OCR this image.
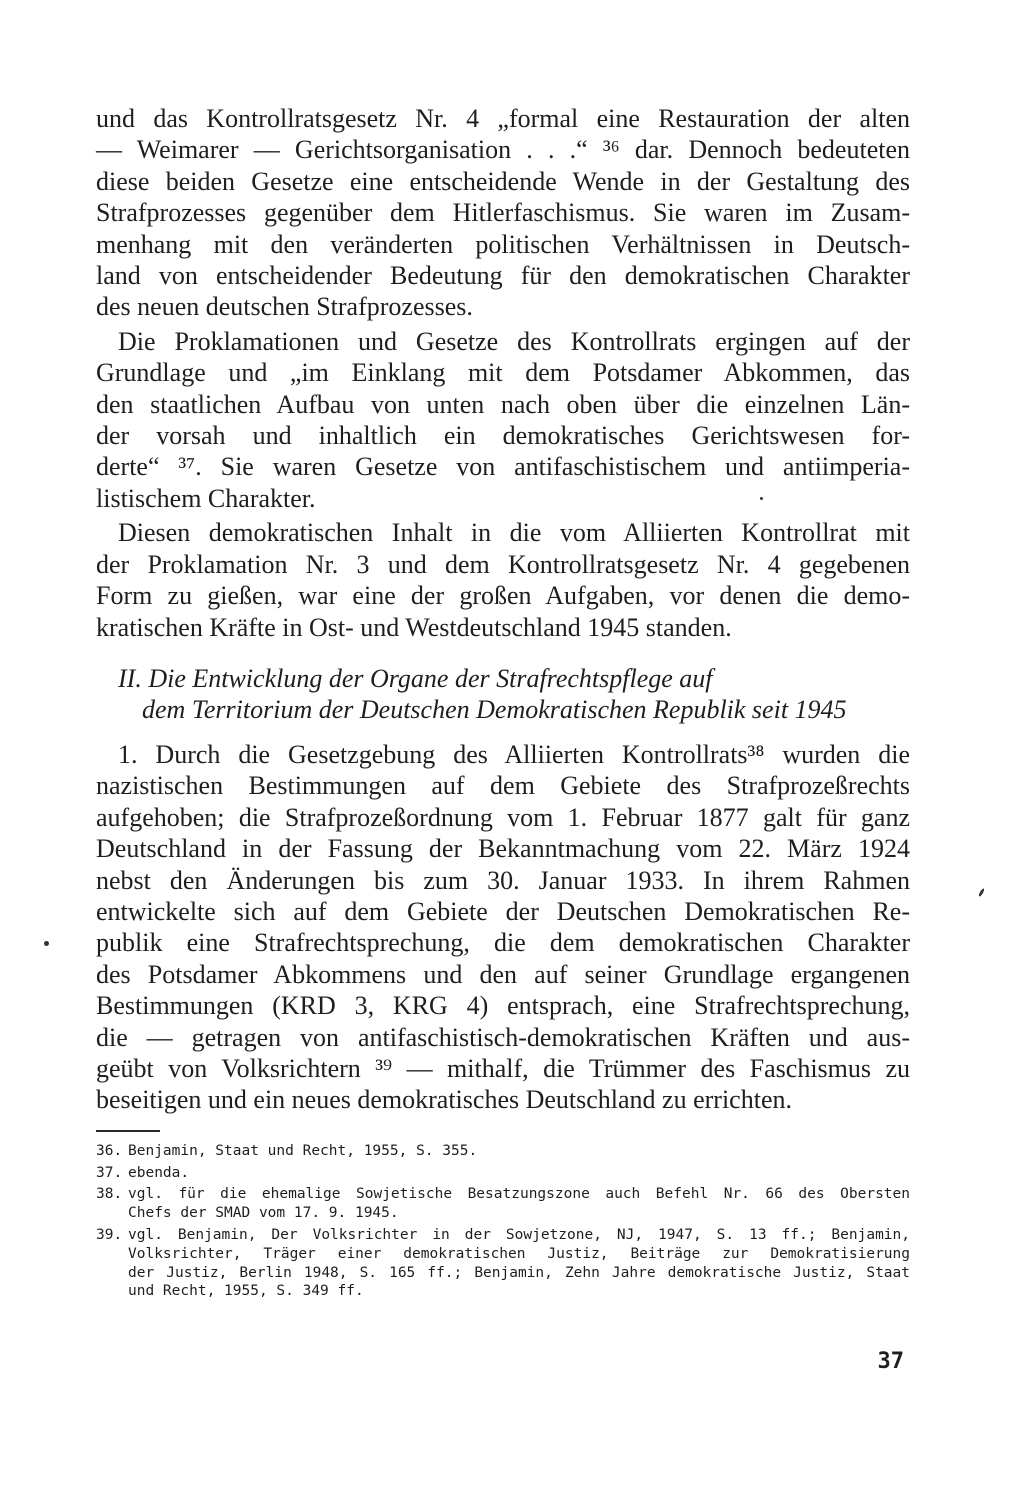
und das Kontrollratsgesetz Nr. 4 „formal eine Restauration der alten
— Weimarer — Gerichtsorganisation . . .“ ³⁶ dar. Dennoch bedeuteten
diese beiden Gesetze eine entscheidende Wende in der Gestaltung des
Strafprozesses gegenüber dem Hitlerfaschismus. Sie waren im Zusam-
menhang mit den veränderten politischen Verhältnissen in Deutsch-
land von entscheidender Bedeutung für den demokratischen Charakter
des neuen deutschen Strafprozesses.

Die Proklamationen und Gesetze des Kontrollrats ergingen auf der
Grundlage und „im Einklang mit dem Potsdamer Abkommen, das
den staatlichen Aufbau von unten nach oben über die einzelnen Län-
der vorsah und inhaltlich ein demokratisches Gerichtswesen for-
derte“ ³⁷. Sie waren Gesetze von antifaschistischem und antiimperia-
listischem Charakter.

Diesen demokratischen Inhalt in die vom Alliierten Kontrollrat mit
der Proklamation Nr. 3 und dem Kontrollratsgesetz Nr. 4 gegebenen
Form zu gießen, war eine der großen Aufgaben, vor denen die demo-
kratischen Kräfte in Ost- und Westdeutschland 1945 standen.

II. Die Entwicklung der Organe der Strafrechtspflege auf
dem Territorium der Deutschen Demokratischen Republik seit 1945

1. Durch die Gesetzgebung des Alliierten Kontrollrats³⁸ wurden die
nazistischen Bestimmungen auf dem Gebiete des Strafprozeßrechts
aufgehoben; die Strafprozeßordnung vom 1. Februar 1877 galt für ganz
Deutschland in der Fassung der Bekanntmachung vom 22. März 1924
nebst den Änderungen bis zum 30. Januar 1933. In ihrem Rahmen
entwickelte sich auf dem Gebiete der Deutschen Demokratischen Re-
publik eine Strafrechtsprechung, die dem demokratischen Charakter
des Potsdamer Abkommens und den auf seiner Grundlage ergangenen
Bestimmungen (KRD 3, KRG 4) entsprach, eine Strafrechtsprechung,
die — getragen von antifaschistisch-demokratischen Kräften und aus-
geübt von Volksrichtern ³⁹ — mithalf, die Trümmer des Faschismus zu
beseitigen und ein neues demokratisches Deutschland zu errichten.

36. Benjamin, Staat und Recht, 1955, S. 355.
37. ebenda.
38. vgl. für die ehemalige Sowjetische Besatzungszone auch Befehl Nr. 66 des Obersten
Chefs der SMAD vom 17. 9. 1945.
39. vgl. Benjamin, Der Volksrichter in der Sowjetzone, NJ, 1947, S. 13 ff.; Benjamin,
Volksrichter, Träger einer demokratischen Justiz, Beiträge zur Demokratisierung
der Justiz, Berlin 1948, S. 165 ff.; Benjamin, Zehn Jahre demokratische Justiz, Staat
und Recht, 1955, S. 349 ff.
37
